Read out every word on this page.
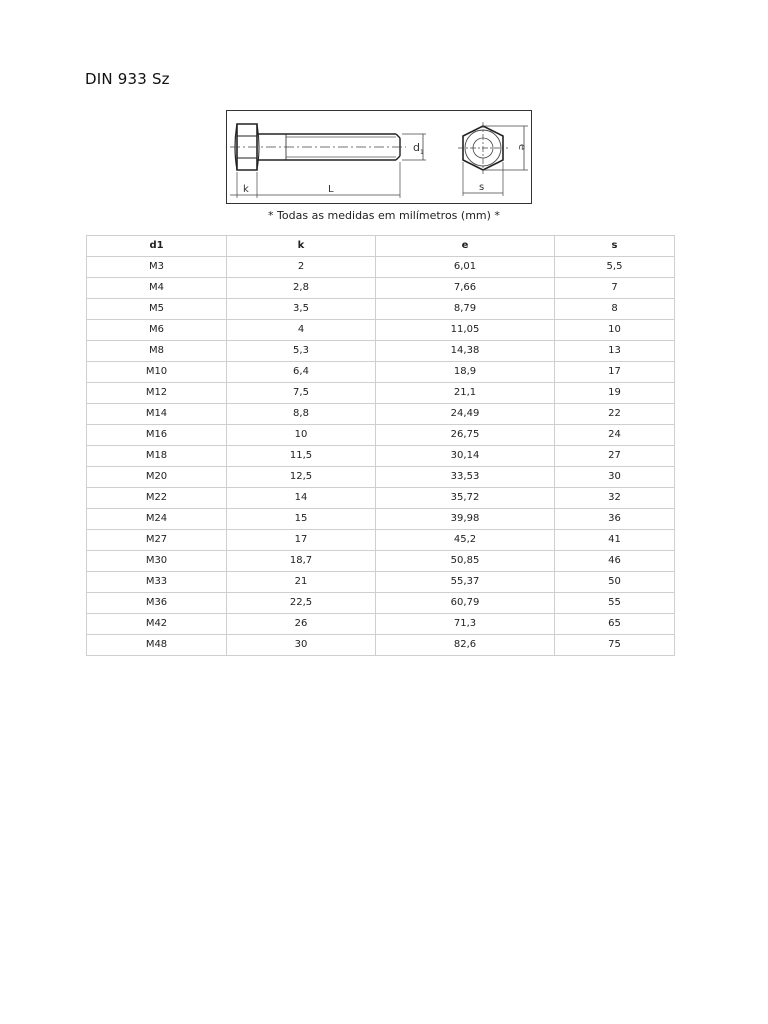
DIN 933 Sz
d 1
k	L	s
e
* Todas as medidas em milímetros (mm) *
d1	k	e	s
M3	2	6,01	5,5
M4	2,8	7,66	7
M5	3,5	8,79	8
M6	4	11,05	10
M8	5,3	14,38	13
M10	6,4	18,9	17
M12	7,5	21,1	19
M14	8,8	24,49	22
M16	10	26,75	24
M18	11,5	30,14	27
M20	12,5	33,53	30
M22	14	35,72	32
M24	15	39,98	36
M27	17	45,2	41
M30	18,7	50,85	46
M33	21	55,37	50
M36	22,5	60,79	55
M42	26	71,3	65
M48	30	82,6	75
